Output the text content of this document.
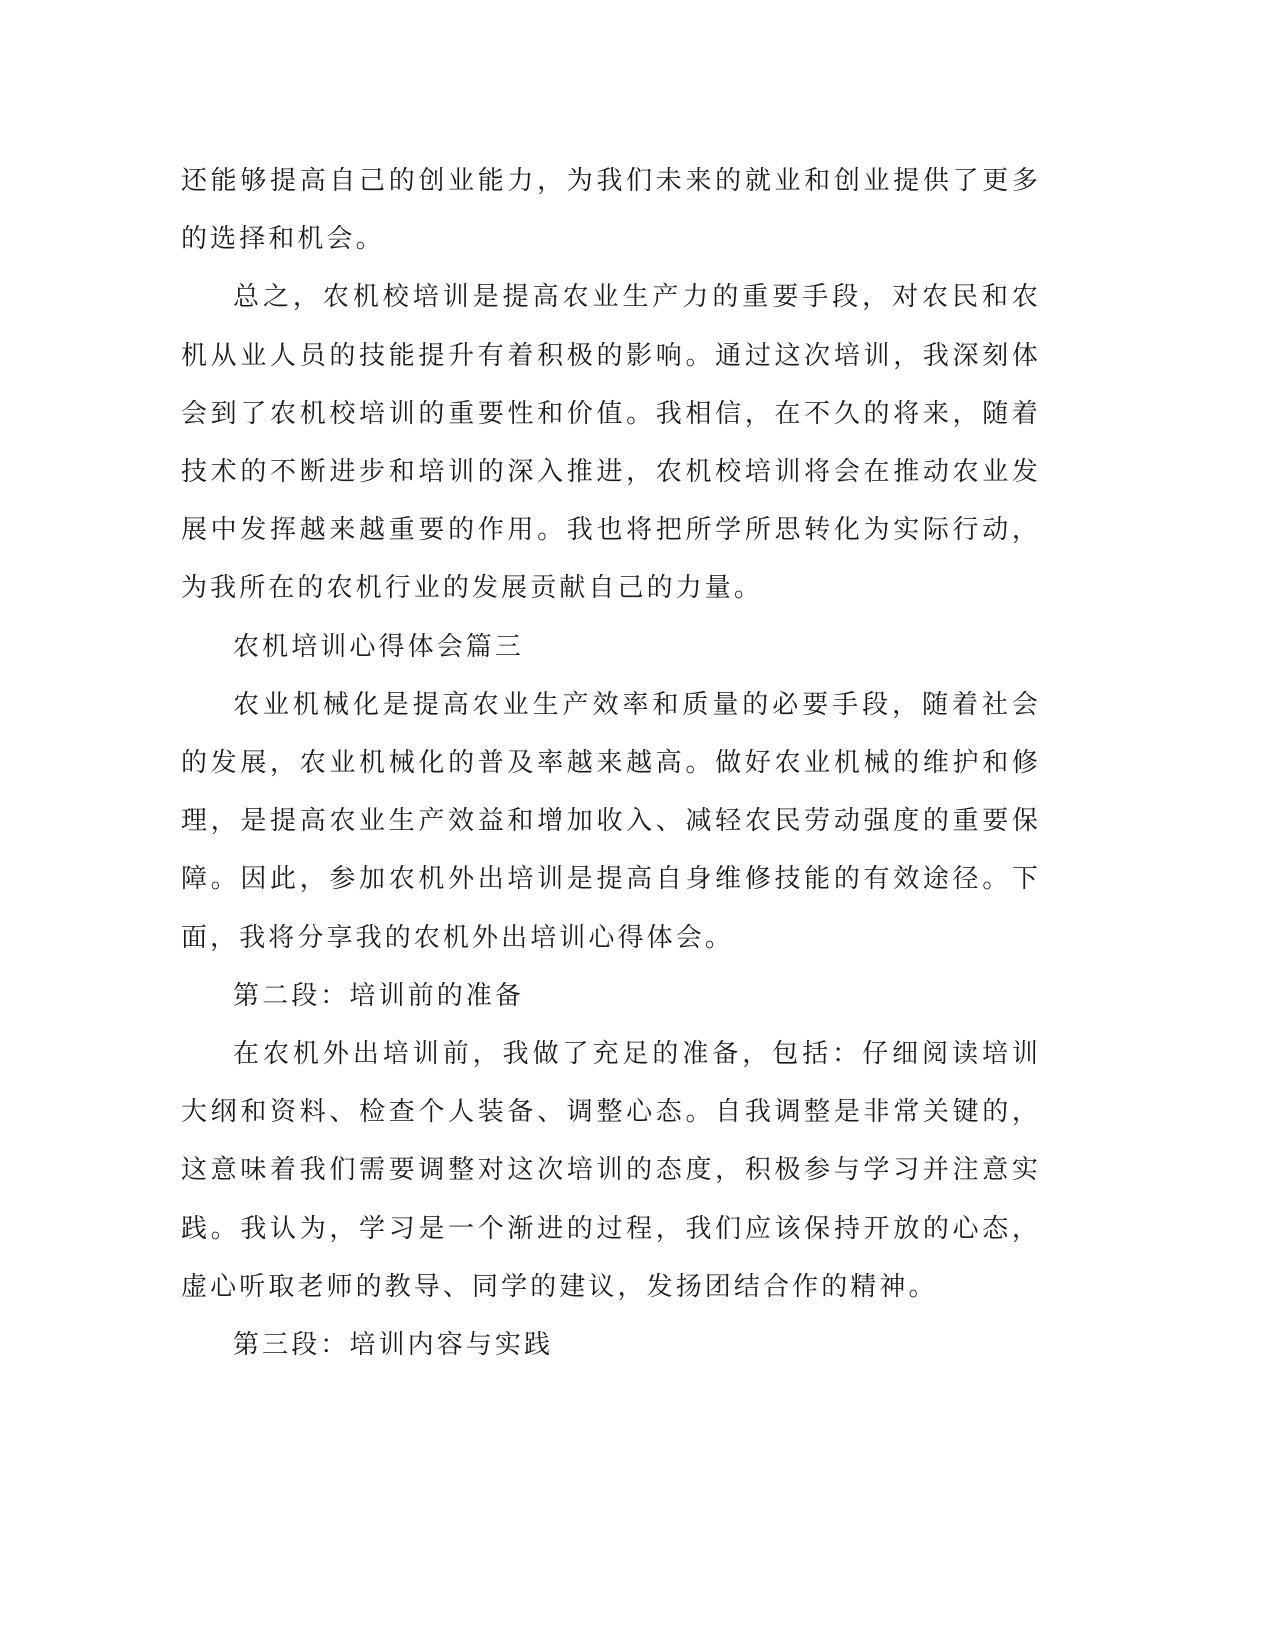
还能够提高自己的创业能力，为我们未来的就业和创业提供了更多的选择和机会。

总之，农机校培训是提高农业生产力的重要手段，对农民和农机从业人员的技能提升有着积极的影响。通过这次培训，我深刻体会到了农机校培训的重要性和价值。我相信，在不久的将来，随着技术的不断进步和培训的深入推进，农机校培训将会在推动农业发展中发挥越来越重要的作用。我也将把所学所思转化为实际行动，为我所在的农机行业的发展贡献自己的力量。

农机培训心得体会篇三

农业机械化是提高农业生产效率和质量的必要手段，随着社会的发展，农业机械化的普及率越来越高。做好农业机械的维护和修理，是提高农业生产效益和增加收入、减轻农民劳动强度的重要保障。因此，参加农机外出培训是提高自身维修技能的有效途径。下面，我将分享我的农机外出培训心得体会。

第二段：培训前的准备

在农机外出培训前，我做了充足的准备，包括：仔细阅读培训大纲和资料、检查个人装备、调整心态。自我调整是非常关键的，这意味着我们需要调整对这次培训的态度，积极参与学习并注意实践。我认为，学习是一个渐进的过程，我们应该保持开放的心态，虚心听取老师的教导、同学的建议，发扬团结合作的精神。

第三段：培训内容与实践
